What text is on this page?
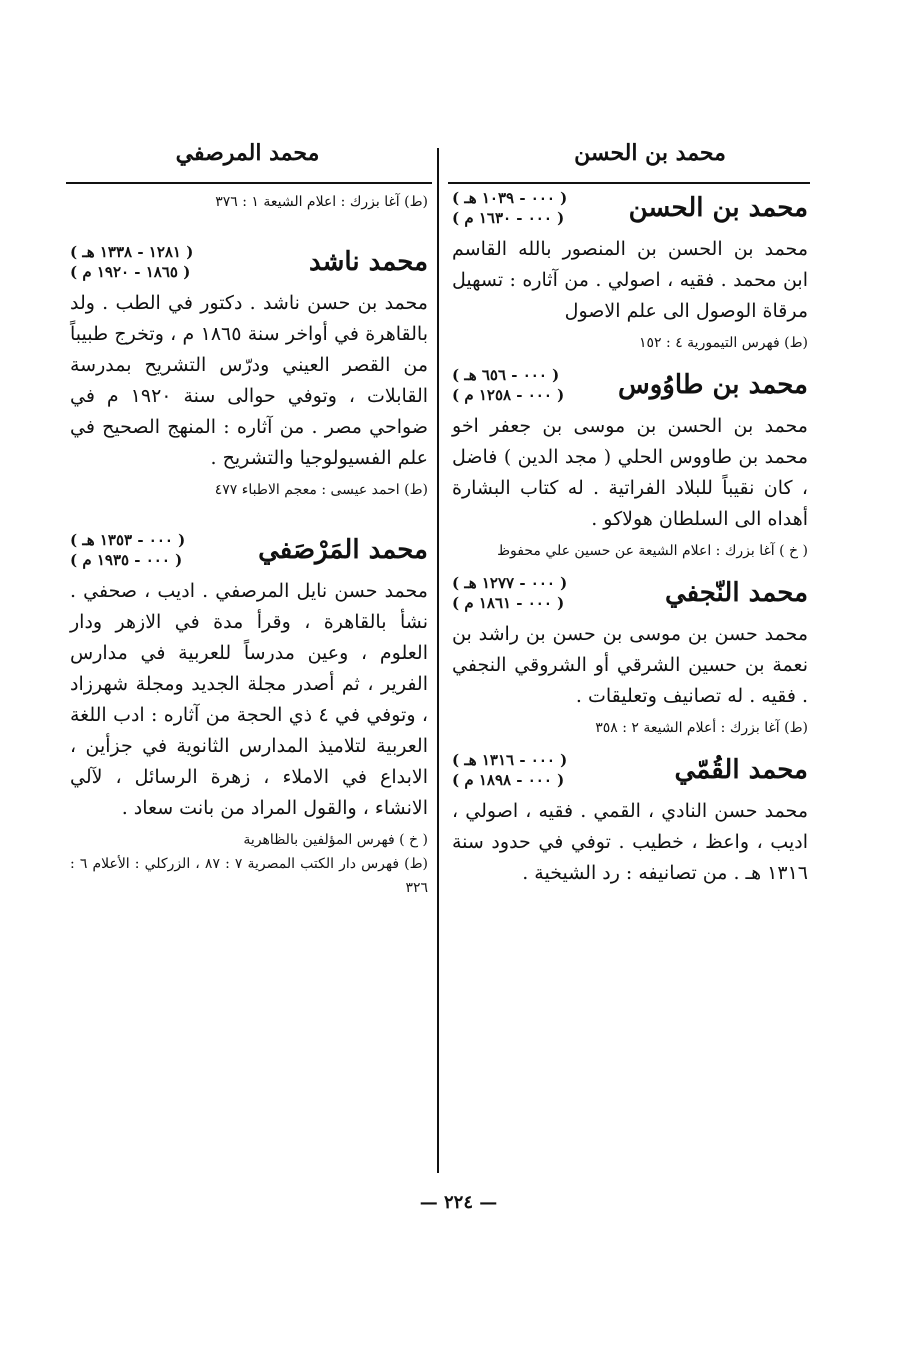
محمد بن الحسن
محمد المرصفي
محمد بن الحسن
( ٠٠٠ - ١٠٣٩ هـ )
( ٠٠٠ - ١٦٣٠ م )

محمد بن الحسن بن المنصور بالله القاسم ابن محمد . فقيه ، اصولي . من آثاره : تسهيل مرقاة الوصول الى علم الاصول

(ط) فهرس التيمورية ٤ : ١٥٢

محمد بن طاوُوس
( ٠٠٠ - ٦٥٦ هـ )
( ٠٠٠ - ١٢٥٨ م )

محمد بن الحسن بن موسى بن جعفر اخو محمد بن طاووس الحلي ( مجد الدين ) فاضل ، كان نقيباً للبلاد الفراتية . له كتاب البشارة أهداه الى السلطان هولاكو .

( خ ) آغا بزرك : اعلام الشيعة عن حسين علي محفوظ

محمد النّجفي
( ٠٠٠ - ١٢٧٧ هـ )
( ٠٠٠ - ١٨٦١ م )

محمد حسن بن موسى بن حسن بن راشد بن نعمة بن حسين الشرقي أو الشروقي النجفي . فقيه . له تصانيف وتعليقات .

(ط) آغا بزرك : أعلام الشيعة ٢ : ٣٥٨

محمد القُمّي
( ٠٠٠ - ١٣١٦ هـ )
( ٠٠٠ - ١٨٩٨ م )

محمد حسن النادي ، القمي . فقيه ، اصولي ، اديب ، واعظ ، خطيب . توفي في حدود سنة ١٣١٦ هـ . من تصانيفه : رد الشيخية .

(ط) آغا بزرك : اعلام الشيعة ١ : ٣٧٦

محمد ناشد
( ١٢٨١ - ١٣٣٨ هـ )
( ١٨٦٥ - ١٩٢٠ م )

محمد بن حسن ناشد . دكتور في الطب . ولد بالقاهرة في أواخر سنة ١٨٦٥ م ، وتخرج طبيباً من القصر العيني ودرّس التشريح بمدرسة القابلات ، وتوفي حوالى سنة ١٩٢٠ م في ضواحي مصر . من آثاره : المنهج الصحيح في علم الفسيولوجيا والتشريح .

(ط) احمد عيسى : معجم الاطباء ٤٧٧

محمد المَرْصَفي
( ٠٠٠ - ١٣٥٣ هـ )
( ٠٠٠ - ١٩٣٥ م )

محمد حسن نايل المرصفي . اديب ، صحفي . نشأ بالقاهرة ، وقرأ مدة في الازهر ودار العلوم ، وعين مدرساً للعربية في مدارس الفرير ، ثم أصدر مجلة الجديد ومجلة شهرزاد ، وتوفي في ٤ ذي الحجة من آثاره : ادب اللغة العربية لتلاميذ المدارس الثانوية في جزأين ، الابداع في الاملاء ، زهرة الرسائل ، لآلي الانشاء ، والقول المراد من بانت سعاد .

( خ ) فهرس المؤلفين بالظاهرية

(ط) فهرس دار الكتب المصرية ٧ : ٨٧ ، الزركلي : الأعلام ٦ : ٣٢٦

— ٢٢٤ —
